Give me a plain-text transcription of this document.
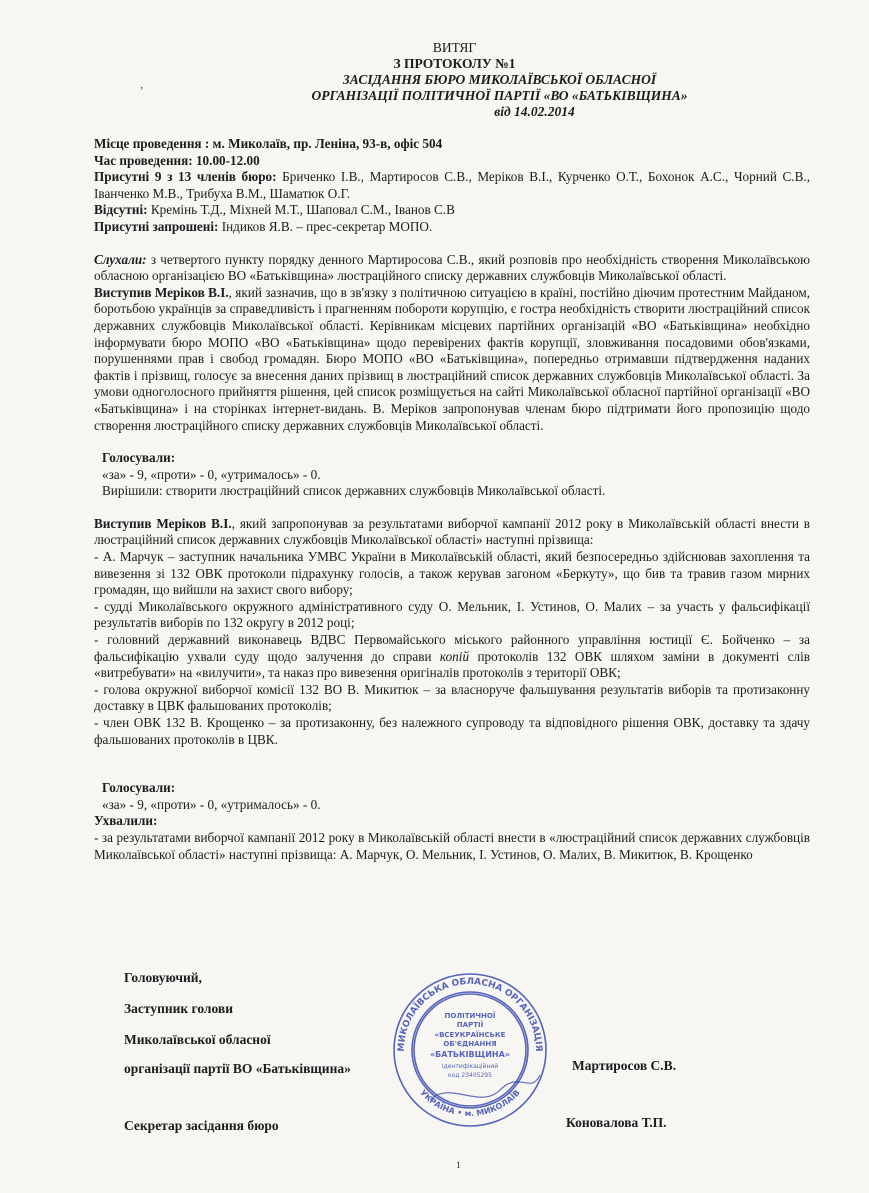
ʼ
ВИТЯГ
З ПРОТОКОЛУ №1
ЗАСІДАННЯ БЮРО МИКОЛАЇВСЬКОЇ ОБЛАСНОЇ
ОРГАНІЗАЦІЇ ПОЛІТИЧНОЇ ПАРТІЇ «ВО «БАТЬКІВЩИНА»
від 14.02.2014

Місце проведення : м. Миколаїв, пр. Леніна, 93-в, офіс 504

Час проведення: 10.00-12.00

Присутні 9 з 13 членів бюро: Бриченко І.В., Мартиросов С.В., Меріков В.І., Курченко О.Т., Бохонок А.С., Чорний С.В., Іванченко М.В., Трибуха В.М., Шаматюк О.Г.

Відсутні: Кремінь Т.Д., Міхней М.Т., Шаповал С.М., Іванов С.В

Присутні запрошені: Індиков Я.В. – прес-секретар МОПО.

Слухали: з четвертого пункту порядку денного Мартиросова С.В., який розповів про необхідність створення Миколаївською обласною організацією ВО «Батьківщина» люстраційного списку державних службовців Миколаївської області.

Виступив Меріков В.І., який зазначив, що в зв'язку з політичною ситуацією в країні, постійно діючим протестним Майданом, боротьбою українців за справедливість і прагненням побороти корупцію, є гостра необхідність створити люстраційний список державних службовців Миколаївської області. Керівникам місцевих партійних організацій «ВО «Батьківщина» необхідно інформувати бюро МОПО «ВО «Батьківщина» щодо перевірених фактів корупції, зловживання посадовими обов'язками, порушеннями прав і свобод громадян. Бюро МОПО «ВО «Батьківщина», попередньо отримавши підтвердження наданих фактів і прізвищ, голосує за внесення даних прізвищ в люстраційний список державних службовців Миколаївської області. За умови одноголосного прийняття рішення, цей список розміщується на сайті Миколаївської обласної партійної організації «ВО «Батьківщина» і на сторінках інтернет-видань. В. Меріков запропонував членам бюро підтримати його пропозицію щодо створення люстраційного списку державних службовців Миколаївської області.

Голосували:

«за» - 9, «проти» - 0, «утрималось» - 0.

Вирішили: створити люстраційний список державних службовців Миколаївської області.

Виступив Меріков В.І., який запропонував за результатами виборчої кампанії 2012 року в Миколаївській області внести в люстраційний список державних службовців Миколаївської області» наступні прізвища:

- А. Марчук – заступник начальника УМВС України в Миколаївській області, який безпосередньо здійснював захоплення та вивезення зі 132 ОВК протоколи підрахунку голосів, а також керував загоном «Беркуту», що бив та травив газом мирних громадян, що вийшли на захист свого вибору;

- судді Миколаївського окружного адміністративного суду О. Мельник, І. Устинов, О. Малих – за участь у фальсифікації результатів виборів по 132 округу в 2012 році;

- головний державний виконавець ВДВС Первомайського міського районного управління юстиції Є. Бойченко – за фальсифікацію ухвали суду щодо залучення до справи копій протоколів 132 ОВК шляхом заміни в документі слів «витребувати» на «вилучити», та наказ про вивезення оригіналів протоколів з території ОВК;

- голова окружної виборчої комісії 132 ВО В. Микитюк – за власноруче фальшування результатів виборів та протизаконну доставку в ЦВК фальшованих протоколів;

- член ОВК 132 В. Крощенко – за протизаконну, без належного супроводу та відповідного рішення ОВК, доставку та здачу фальшованих протоколів в ЦВК.

Голосували:

«за» - 9, «проти» - 0, «утрималось» - 0.

Ухвалили:

- за результатами виборчої кампанії 2012 року в Миколаївській області внести в «люстраційний список державних службовців Миколаївської області» наступні прізвища: А. Марчук, О. Мельник, І. Устинов, О. Малих, В. Микитюк, В. Крощенко

Головуючий,
Заступник голови
Миколаївської обласної
організації партії ВО «Батьківщина»	Мартиросов С.В.
Секретар засідання бюро	Коновалова Т.П.
МИКОЛАЇВСЬКА ОБЛАСНА ОРГАНІЗАЦІЯ
УКРАЇНА • м. МИКОЛАЇВ
ПОЛІТИЧНОЇ
ПАРТІЇ
«ВСЕУКРАЇНСЬКЕ
ОБ'ЄДНАННЯ
«БАТЬКІВЩИНА»
Ідентифікаційний
код 23405295
1
